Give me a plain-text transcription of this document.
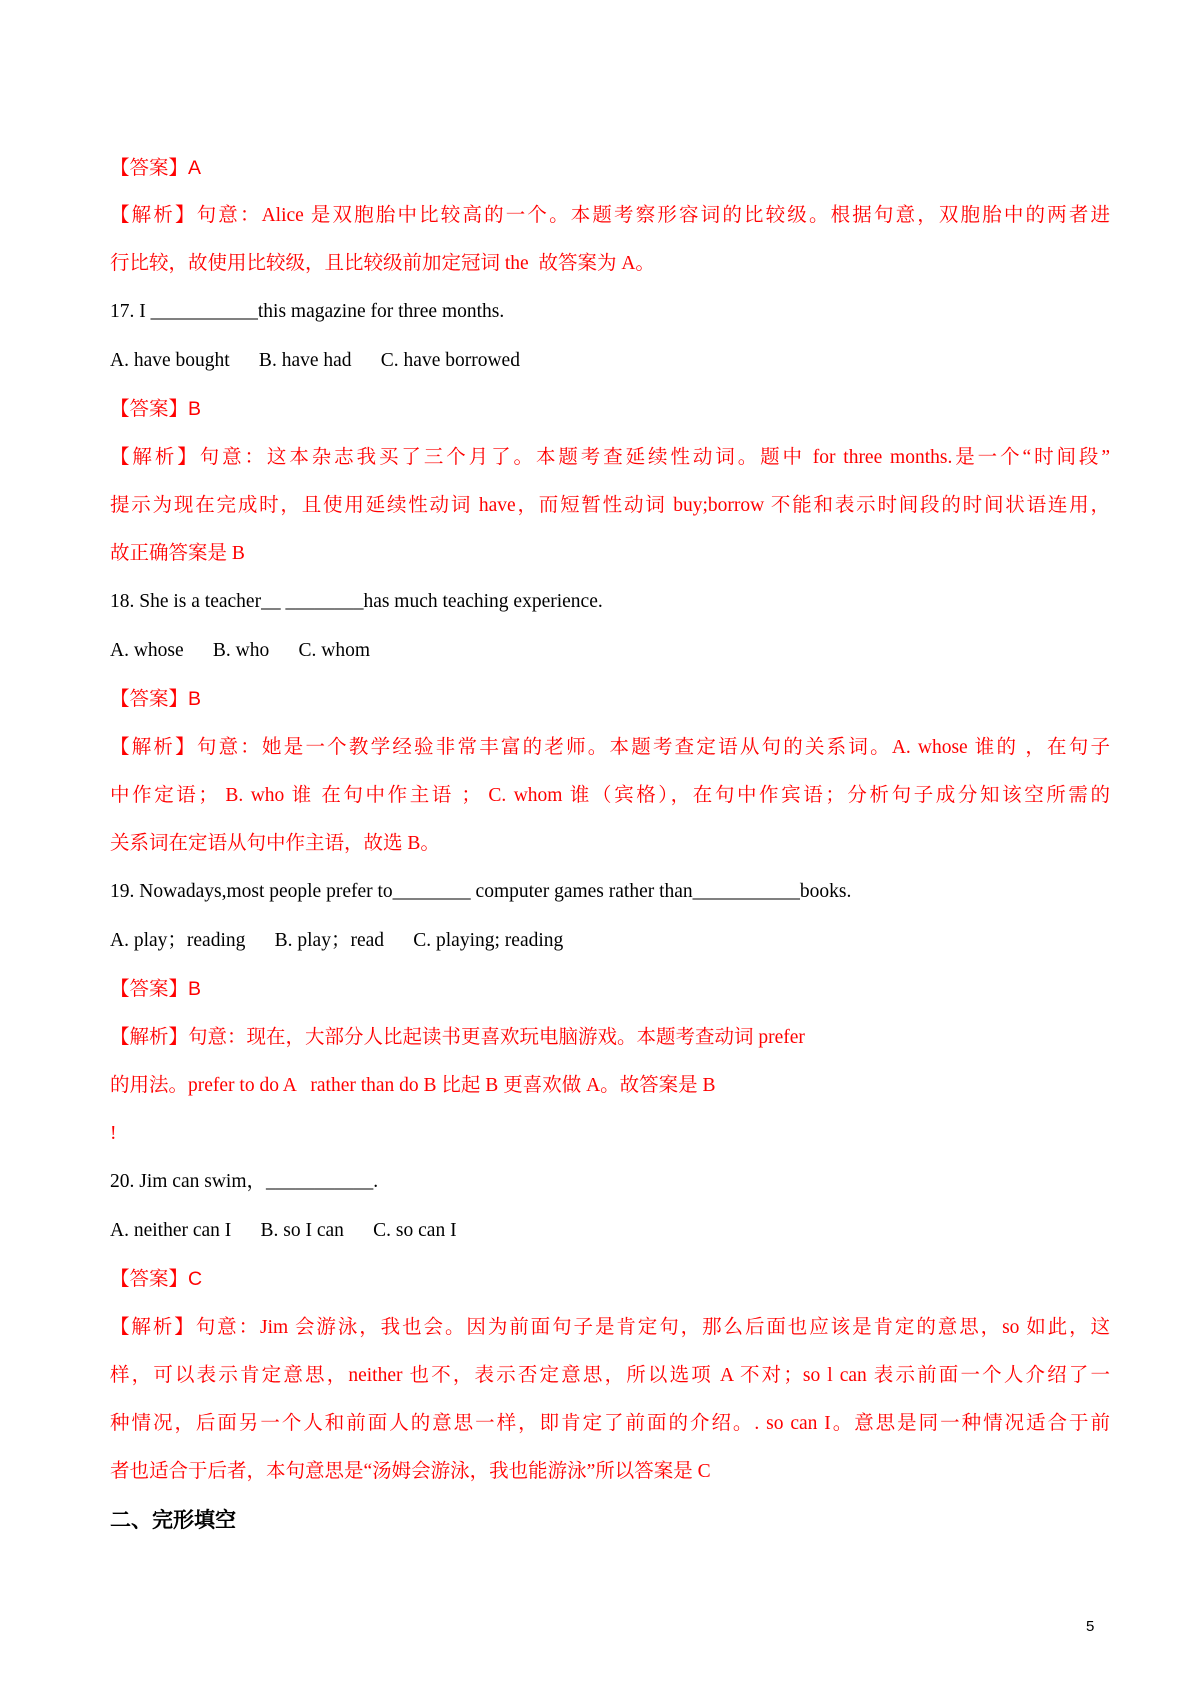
【答案】A
【解析】句意：Alice 是双胞胎中比较高的一个。本题考察形容词的比较级。根据句意，双胞胎中的两者进
行比较，故使用比较级，且比较级前加定冠词 the  故答案为 A。
17. I ___________this magazine for three months.
A. have bought      B. have had      C. have borrowed
【答案】B
【解析】句意：这本杂志我买了三个月了。本题考查延续性动词。题中 for three months.是一个“时间段”
提示为现在完成时，且使用延续性动词 have，而短暂性动词 buy;borrow 不能和表示时间段的时间状语连用，
故正确答案是 B
18. She is a teacher__ ________has much teaching experience.
A. whose      B. who      C. whom
【答案】B
【解析】句意：她是一个教学经验非常丰富的老师。本题考查定语从句的关系词。A. whose 谁的 ，在句子
中作定语； B. who 谁 在句中作主语 ； C. whom 谁（宾格），在句中作宾语；分析句子成分知该空所需的
关系词在定语从句中作主语，故选 B。
19. Nowadays,most people prefer to________ computer games rather than___________books.
A. play；reading      B. play；read      C. playing; reading
【答案】B
【解析】句意：现在，大部分人比起读书更喜欢玩电脑游戏。本题考查动词 prefer
的用法。prefer to do A   rather than do B 比起 B 更喜欢做 A。故答案是 B
!
20. Jim can swim，___________.
A. neither can I      B. so I can      C. so can I
【答案】C
【解析】句意：Jim 会游泳，我也会。因为前面句子是肯定句，那么后面也应该是肯定的意思，so 如此，这
样，可以表示肯定意思，neither 也不，表示否定意思，所以选项 A 不对；so l can 表示前面一个人介绍了一
种情况，后面另一个人和前面人的意思一样，即肯定了前面的介绍。. so can I。意思是同一种情况适合于前
者也适合于后者，本句意思是“汤姆会游泳，我也能游泳”所以答案是 C
二、完形填空
5
